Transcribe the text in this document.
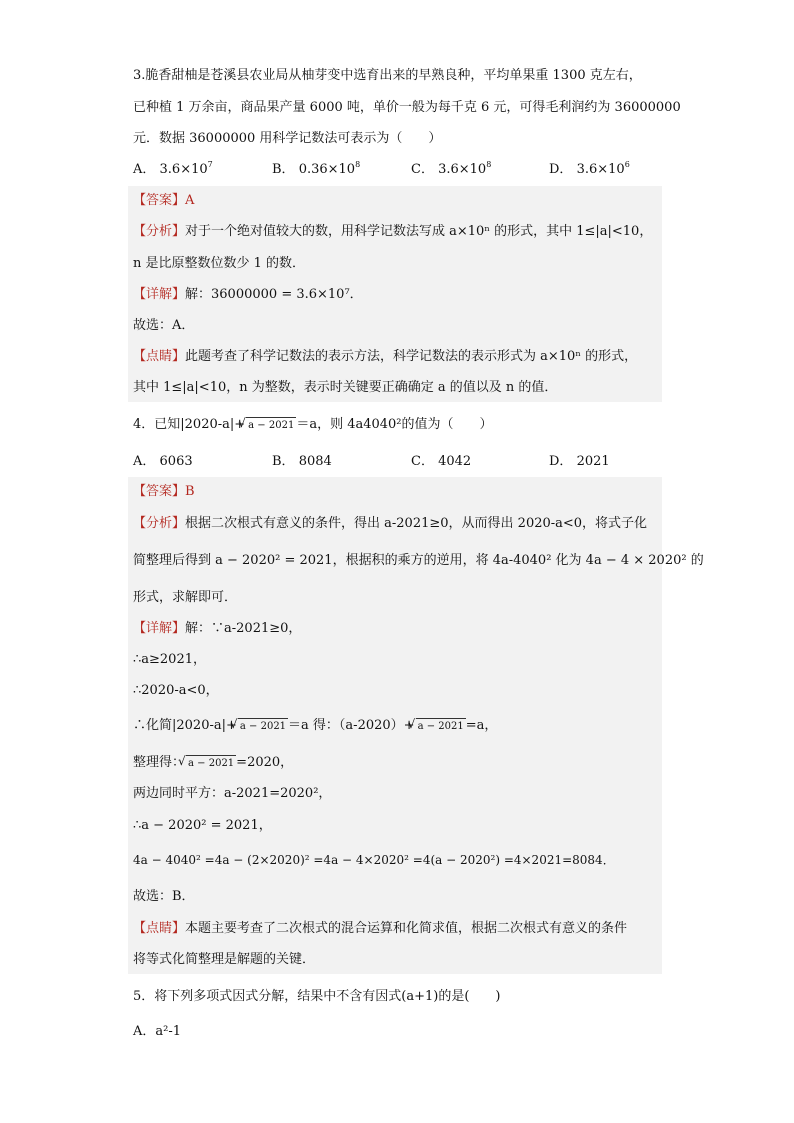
3.脆香甜柚是苍溪县农业局从柚芽变中选育出来的早熟良种，平均单果重 1300 克左右，
已种植 1 万余亩，商品果产量 6000 吨，单价一般为每千克 6 元，可得毛利润约为 36000000
元．数据 36000000 用科学记数法可表示为（　　）
A． $3.6\times 10^7$	B． $0.36\times 10^8$	C． $3.6\times 10^8$	D． $3.6\times 10^6$
【答案】A
【分析】对于一个绝对值较大的数，用科学记数法写成 a×10ⁿ 的形式，其中 1≤|a|<10，
n 是比原整数位数少 1 的数．
【详解】解：36000000 = 3.6×10⁷．
故选：A．
【点睛】此题考查了科学记数法的表示方法，科学记数法的表示形式为 a×10ⁿ 的形式，
其中 1≤|a|<10，n 为整数，表示时关键要正确确定 a 的值以及 n 的值．
4．已知|2020-a|+ √ a − 2021 ＝a，则 4a4040²的值为（　　）
A． 6063	B． 8084	C． 4042	D． 2021
【答案】B
【分析】根据二次根式有意义的条件，得出 a-2021≥0，从而得出 2020-a<0，将式子化
简整理后得到 a − 2020² = 2021，根据积的乘方的逆用，将 4a-4040² 化为 4a − 4 × 2020² 的
形式，求解即可．
【详解】解：∵a-2021≥0，
∴a≥2021，
∴2020-a<0，
∴化简|2020-a|+ √ a − 2021 ＝a 得：（a-2020）+ √ a − 2021 =a，
整理得： √ a − 2021 =2020，
两边同时平方：a-2021=2020²，
∴a − 2020² = 2021，
4a − 4040² =4a − (2×2020)² =4a − 4×2020² =4(a − 2020²) =4×2021=8084．
故选：B．
【点睛】本题主要考查了二次根式的混合运算和化简求值，根据二次根式有意义的条件
将等式化简整理是解题的关键．
5．将下列多项式因式分解，结果中不含有因式(a+1)的是(　　)
A．a²-1
